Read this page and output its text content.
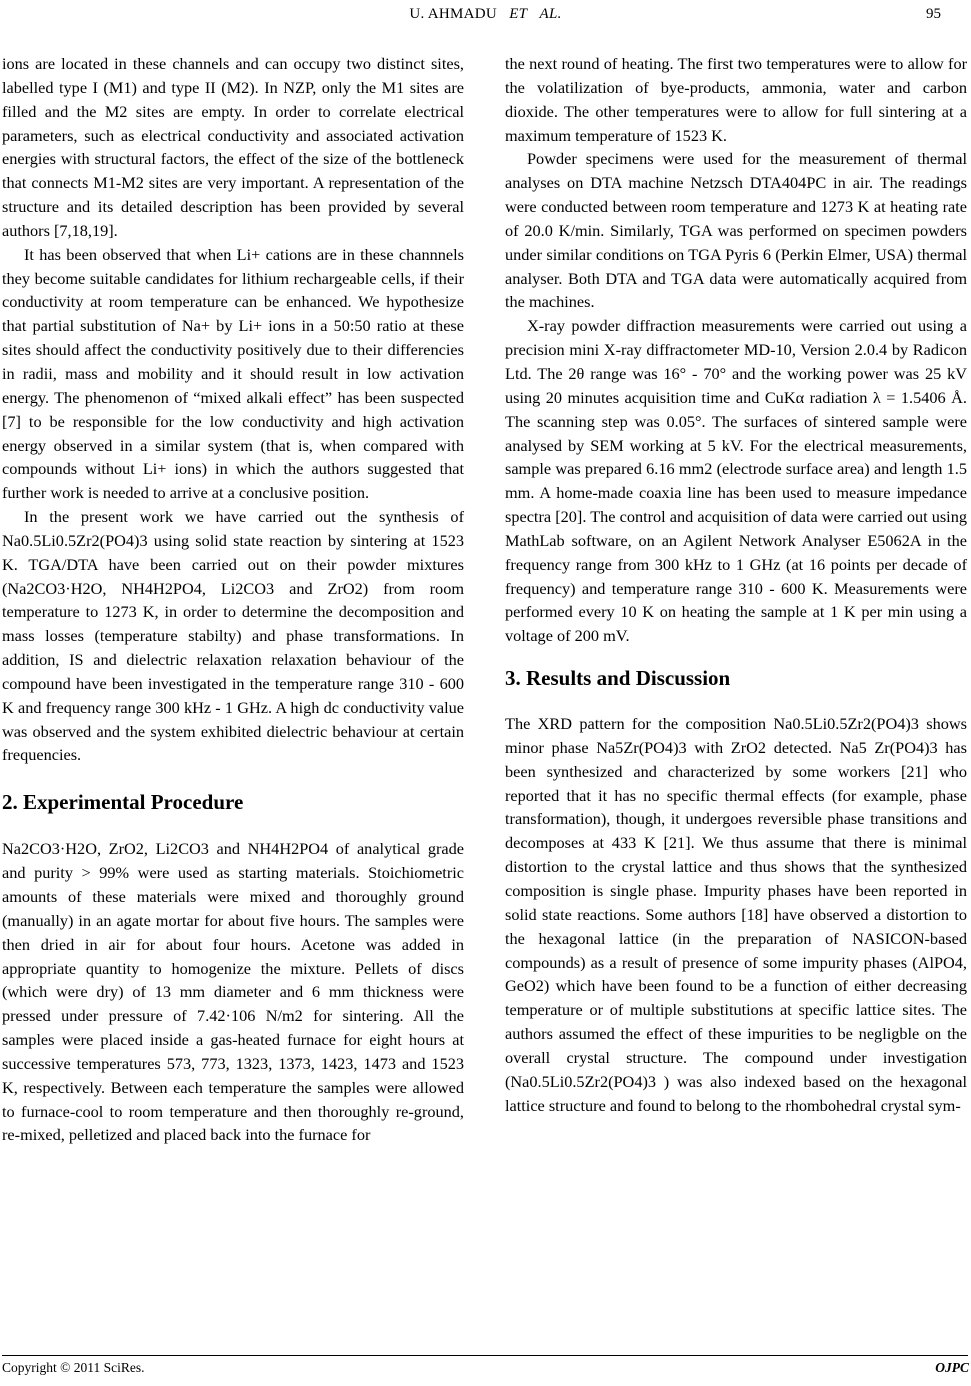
U. AHMADU ET AL.	95

ions are located in these channels and can occupy two distinct sites, labelled type I (M1) and type II (M2). In NZP, only the M1 sites are filled and the M2 sites are empty. In order to correlate electrical parameters, such as electrical conductivity and associated activation energies with structural factors, the effect of the size of the bottleneck that connects M1-M2 sites are very important. A representation of the structure and its detailed description has been provided by several authors [7,18,19].

It has been observed that when Li+ cations are in these channnels they become suitable candidates for lithium rechargeable cells, if their conductivity at room temperature can be enhanced. We hypothesize that partial substitution of Na+ by Li+ ions in a 50:50 ratio at these sites should affect the conductivity positively due to their differencies in radii, mass and mobility and it should result in low activation energy. The phenomenon of “mixed alkali effect” has been suspected [7] to be responsible for the low conductivity and high activation energy observed in a similar system (that is, when compared with compounds without Li+ ions) in which the authors suggested that further work is needed to arrive at a conclusive position.

In the present work we have carried out the synthesis of Na0.5Li0.5Zr2(PO4)3 using solid state reaction by sintering at 1523 K. TGA/DTA have been carried out on their powder mixtures (Na2CO3·H2O, NH4H2PO4, Li2CO3 and ZrO2) from room temperature to 1273 K, in order to determine the decomposition and mass losses (temperature stabilty) and phase transformations. In addition, IS and dielectric relaxation relaxation behaviour of the compound have been investigated in the temperature range 310 - 600 K and frequency range 300 kHz - 1 GHz. A high dc conductivity value was observed and the system exhibited dielectric behaviour at certain frequencies.

2. Experimental Procedure

Na2CO3·H2O, ZrO2, Li2CO3 and NH4H2PO4 of analytical grade and purity > 99% were used as starting materials. Stoichiometric amounts of these materials were mixed and thoroughly ground (manually) in an agate mortar for about five hours. The samples were then dried in air for about four hours. Acetone was added in appropriate quantity to homogenize the mixture. Pellets of discs (which were dry) of 13 mm diameter and 6 mm thickness were pressed under pressure of 7.42·106 N/m2 for sintering. All the samples were placed inside a gas-heated furnace for eight hours at successive temperatures 573, 773, 1323, 1373, 1423, 1473 and 1523 K, respectively. Between each temperature the samples were allowed to furnace-cool to room temperature and then thoroughly re-ground, re-mixed, pelletized and placed back into the furnace for

the next round of heating. The first two temperatures were to allow for the volatilization of bye-products, ammonia, water and carbon dioxide. The other temperatures were to allow for full sintering at a maximum temperature of 1523 K.

Powder specimens were used for the measurement of thermal analyses on DTA machine Netzsch DTA404PC in air. The readings were conducted between room temperature and 1273 K at heating rate of 20.0 K/min. Similarly, TGA was performed on specimen powders under similar conditions on TGA Pyris 6 (Perkin Elmer, USA) thermal analyser. Both DTA and TGA data were automatically acquired from the machines.

X-ray powder diffraction measurements were carried out using a precision mini X-ray diffractometer MD-10, Version 2.0.4 by Radicon Ltd. The 2θ range was 16° - 70° and the working power was 25 kV using 20 minutes acquisition time and CuKα radiation λ = 1.5406 Å. The scanning step was 0.05°. The surfaces of sintered sample were analysed by SEM working at 5 kV. For the electrical measurements, sample was prepared 6.16 mm2 (electrode surface area) and length 1.5 mm. A home-made coaxia line has been used to measure impedance spectra [20]. The control and acquisition of data were carried out using MathLab software, on an Agilent Network Analyser E5062A in the frequency range from 300 kHz to 1 GHz (at 16 points per decade of frequency) and temperature range 310 - 600 K. Measurements were performed every 10 K on heating the sample at 1 K per min using a voltage of 200 mV.

3. Results and Discussion

The XRD pattern for the composition Na0.5Li0.5Zr2(PO4)3 shows minor phase Na5Zr(PO4)3 with ZrO2 detected. Na5 Zr(PO4)3 has been synthesized and characterized by some workers [21] who reported that it has no specific thermal effects (for example, phase transformation), though, it undergoes reversible phase transitions and decomposes at 433 K [21]. We thus assume that there is minimal distortion to the crystal lattice and thus shows that the synthesized composition is single phase. Impurity phases have been reported in solid state reactions. Some authors [18] have observed a distortion to the hexagonal lattice (in the preparation of NASICON-based compounds) as a result of presence of some impurity phases (AlPO4, GeO2) which have been found to be a function of either decreasing temperature or of multiple substitutions at specific lattice sites. The authors assumed the effect of these impurities to be negligble on the overall crystal structure. The compound under investigation (Na0.5Li0.5Zr2(PO4)3 ) was also indexed based on the hexagonal lattice structure and found to belong to the rhombohedral crystal sym-

Copyright © 2011 SciRes.	OJPC
